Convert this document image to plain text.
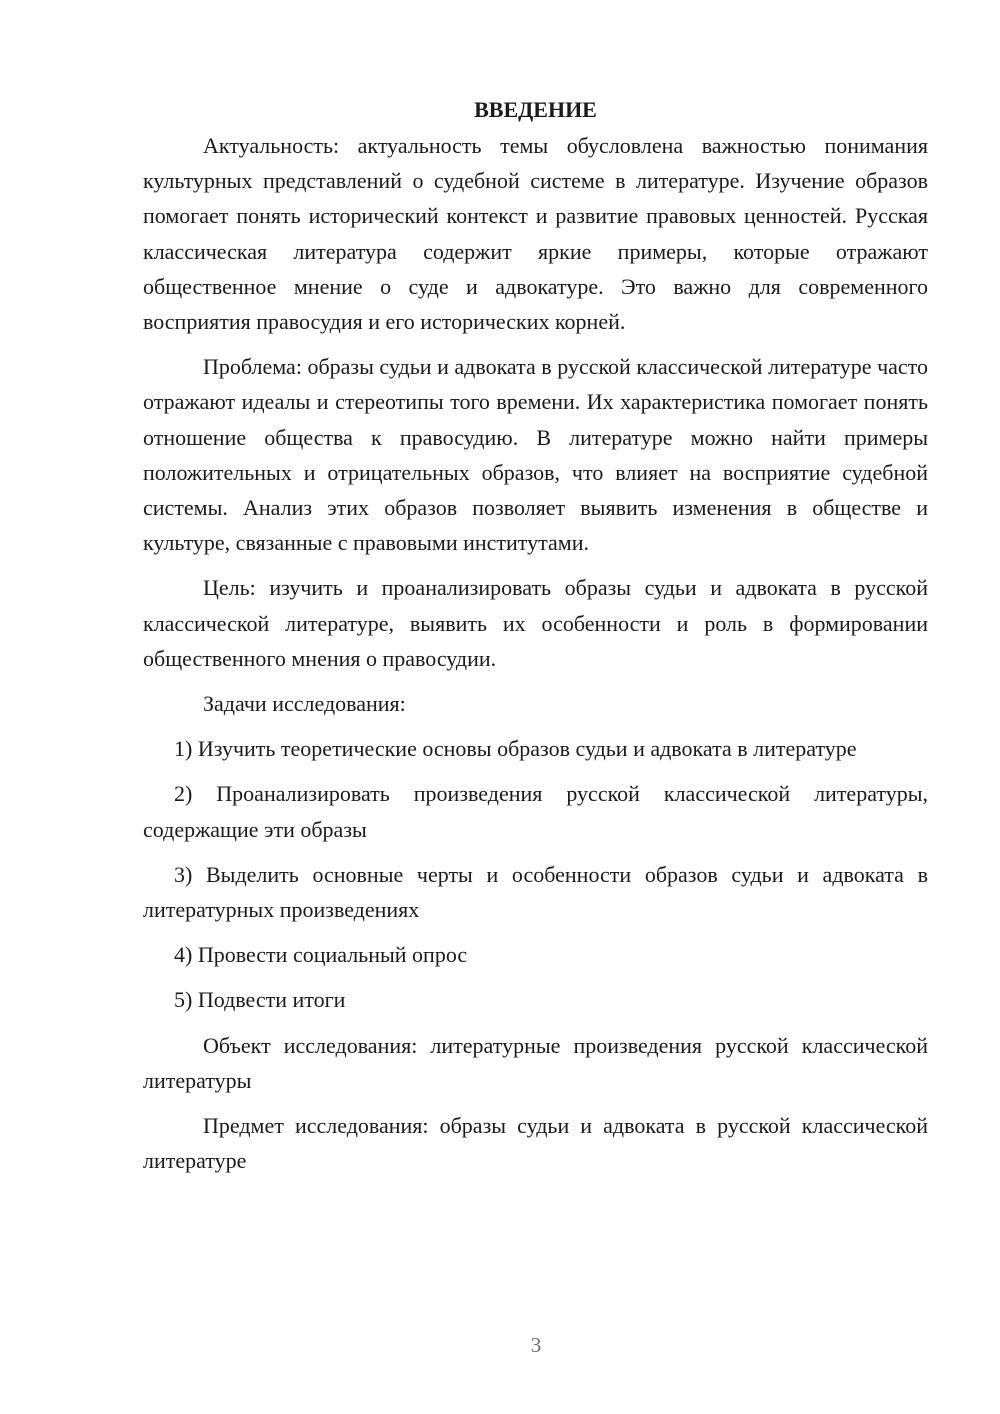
ВВЕДЕНИЕ

Актуальность: актуальность темы обусловлена важностью понимания культурных представлений о судебной системе в литературе. Изучение образов помогает понять исторический контекст и развитие правовых ценностей. Русская классическая литература содержит яркие примеры, которые отражают общественное мнение о суде и адвокатуре. Это важно для современного восприятия правосудия и его исторических корней.

Проблема: образы судьи и адвоката в русской классической литературе часто отражают идеалы и стереотипы того времени. Их характеристика помогает понять отношение общества к правосудию. В литературе можно найти примеры положительных и отрицательных образов, что влияет на восприятие судебной системы. Анализ этих образов позволяет выявить изменения в обществе и культуре, связанные с правовыми институтами.

Цель: изучить и проанализировать образы судьи и адвоката в русской классической литературе, выявить их особенности и роль в формировании общественного мнения о правосудии.

Задачи исследования:

1) Изучить теоретические основы образов судьи и адвоката в литературе

2) Проанализировать произведения русской классической литературы, содержащие эти образы

3) Выделить основные черты и особенности образов судьи и адвоката в литературных произведениях

4) Провести социальный опрос

5) Подвести итоги

Объект исследования: литературные произведения русской классической литературы

Предмет исследования: образы судьи и адвоката в русской классической литературе

3
